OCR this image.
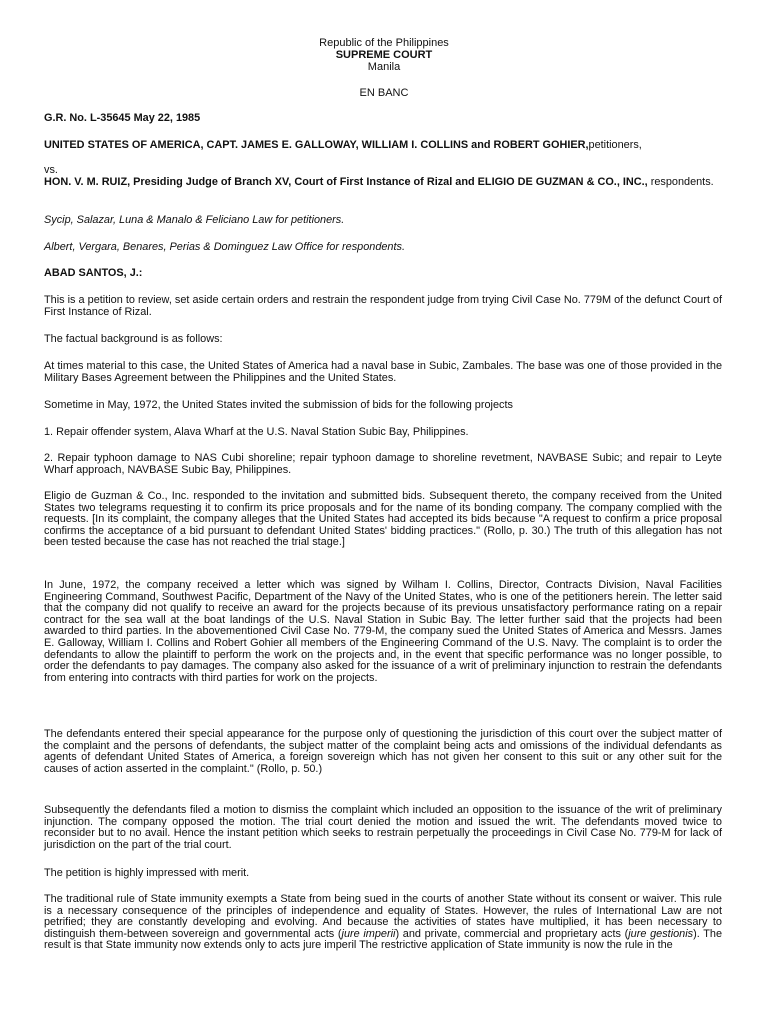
Republic of the Philippines
SUPREME COURT
Manila
EN BANC
G.R. No. L-35645 May 22, 1985
UNITED STATES OF AMERICA, CAPT. JAMES E. GALLOWAY, WILLIAM I. COLLINS and ROBERT GOHIER,petitioners,
vs.
HON. V. M. RUIZ, Presiding Judge of Branch XV, Court of First Instance of Rizal and ELIGIO DE GUZMAN & CO., INC., respondents.
Sycip, Salazar, Luna & Manalo & Feliciano Law for petitioners.
Albert, Vergara, Benares, Perias & Dominguez Law Office for respondents.
ABAD SANTOS, J.:
This is a petition to review, set aside certain orders and restrain the respondent judge from trying Civil Case No. 779M of the defunct Court of First Instance of Rizal.
The factual background is as follows:
At times material to this case, the United States of America had a naval base in Subic, Zambales. The base was one of those provided in the Military Bases Agreement between the Philippines and the United States.
Sometime in May, 1972, the United States invited the submission of bids for the following projects
1. Repair offender system, Alava Wharf at the U.S. Naval Station Subic Bay, Philippines.
2. Repair typhoon damage to NAS Cubi shoreline; repair typhoon damage to shoreline revetment, NAVBASE Subic; and repair to Leyte Wharf approach, NAVBASE Subic Bay, Philippines.
Eligio de Guzman & Co., Inc. responded to the invitation and submitted bids. Subsequent thereto, the company received from the United States two telegrams requesting it to confirm its price proposals and for the name of its bonding company. The company complied with the requests. [In its complaint, the company alleges that the United States had accepted its bids because "A request to confirm a price proposal confirms the acceptance of a bid pursuant to defendant United States' bidding practices." (Rollo, p. 30.) The truth of this allegation has not been tested because the case has not reached the trial stage.]
In June, 1972, the company received a letter which was signed by Wilham I. Collins, Director, Contracts Division, Naval Facilities Engineering Command, Southwest Pacific, Department of the Navy of the United States, who is one of the petitioners herein. The letter said that the company did not qualify to receive an award for the projects because of its previous unsatisfactory performance rating on a repair contract for the sea wall at the boat landings of the U.S. Naval Station in Subic Bay. The letter further said that the projects had been awarded to third parties. In the abovementioned Civil Case No. 779-M, the company sued the United States of America and Messrs. James E. Galloway, William I. Collins and Robert Gohier all members of the Engineering Command of the U.S. Navy. The complaint is to order the defendants to allow the plaintiff to perform the work on the projects and, in the event that specific performance was no longer possible, to order the defendants to pay damages. The company also asked for the issuance of a writ of preliminary injunction to restrain the defendants from entering into contracts with third parties for work on the projects.
The defendants entered their special appearance for the purpose only of questioning the jurisdiction of this court over the subject matter of the complaint and the persons of defendants, the subject matter of the complaint being acts and omissions of the individual defendants as agents of defendant United States of America, a foreign sovereign which has not given her consent to this suit or any other suit for the causes of action asserted in the complaint." (Rollo, p. 50.)
Subsequently the defendants filed a motion to dismiss the complaint which included an opposition to the issuance of the writ of preliminary injunction. The company opposed the motion. The trial court denied the motion and issued the writ. The defendants moved twice to reconsider but to no avail. Hence the instant petition which seeks to restrain perpetually the proceedings in Civil Case No. 779-M for lack of jurisdiction on the part of the trial court.
The petition is highly impressed with merit.
The traditional rule of State immunity exempts a State from being sued in the courts of another State without its consent or waiver. This rule is a necessary consequence of the principles of independence and equality of States. However, the rules of International Law are not petrified; they are constantly developing and evolving. And because the activities of states have multiplied, it has been necessary to distinguish them-between sovereign and governmental acts (jure imperii) and private, commercial and proprietary acts (jure gestionis). The result is that State immunity now extends only to acts jure imperil The restrictive application of State immunity is now the rule in the
